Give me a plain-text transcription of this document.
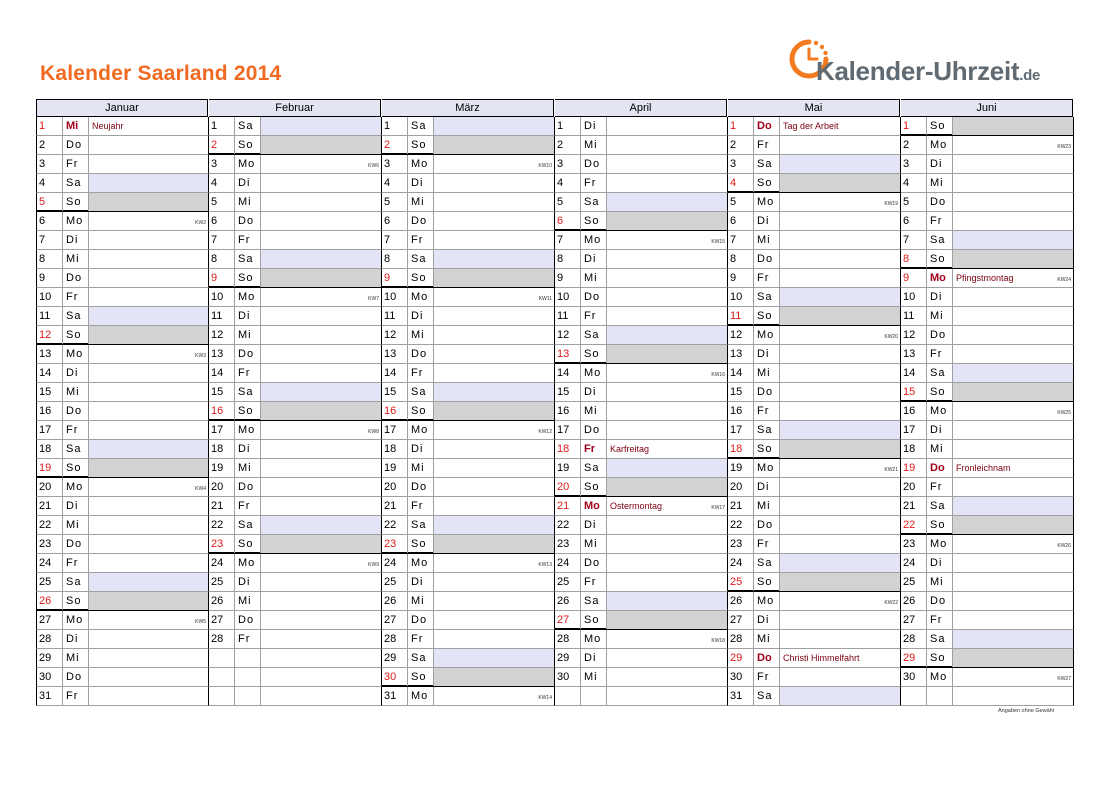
Kalender Saarland 2014	Kalender-Uhrzeit.de
Januar
1	Mi	Neujahr
2	Do
3	Fr
4	Sa
5	So
6	Mo	KW2
7	Di
8	Mi
9	Do
10	Fr
11	Sa
12	So
13	Mo	KW3
14	Di
15	Mi
16	Do
17	Fr
18	Sa
19	So
20	Mo	KW4
21	Di
22	Mi
23	Do
24	Fr
25	Sa
26	So
27	Mo	KW5
28	Di
29	Mi
30	Do
31	Fr
Februar
1	Sa
2	So
3	Mo	KW6
4	Di
5	Mi
6	Do
7	Fr
8	Sa
9	So
10	Mo	KW7
11	Di
12	Mi
13	Do
14	Fr
15	Sa
16	So
17	Mo	KW8
18	Di
19	Mi
20	Do
21	Fr
22	Sa
23	So
24	Mo	KW9
25	Di
26	Mi
27	Do
28	Fr
März
1	Sa
2	So
3	Mo	KW10
4	Di
5	Mi
6	Do
7	Fr
8	Sa
9	So
10	Mo	KW11
11	Di
12	Mi
13	Do
14	Fr
15	Sa
16	So
17	Mo	KW12
18	Di
19	Mi
20	Do
21	Fr
22	Sa
23	So
24	Mo	KW13
25	Di
26	Mi
27	Do
28	Fr
29	Sa
30	So
31	Mo	KW14
April
1	Di
2	Mi
3	Do
4	Fr
5	Sa
6	So
7	Mo	KW15
8	Di
9	Mi
10	Do
11	Fr
12	Sa
13	So
14	Mo	KW16
15	Di
16	Mi
17	Do
18	Fr	Karfreitag
19	Sa
20	So
21	Mo	Ostermontag	KW17
22	Di
23	Mi
24	Do
25	Fr
26	Sa
27	So
28	Mo	KW18
29	Di
30	Mi
Mai
1	Do	Tag der Arbeit
2	Fr
3	Sa
4	So
5	Mo	KW19
6	Di
7	Mi
8	Do
9	Fr
10	Sa
11	So
12	Mo	KW20
13	Di
14	Mi
15	Do
16	Fr
17	Sa
18	So
19	Mo	KW21
20	Di
21	Mi
22	Do
23	Fr
24	Sa
25	So
26	Mo	KW22
27	Di
28	Mi
29	Do	Christi Himmelfahrt
30	Fr
31	Sa
Juni
1	So
2	Mo	KW23
3	Di
4	Mi
5	Do
6	Fr
7	Sa
8	So
9	Mo	Pfingstmontag	KW24
10	Di
11	Mi
12	Do
13	Fr
14	Sa
15	So
16	Mo	KW25
17	Di
18	Mi
19	Do	Fronleichnam
20	Fr
21	Sa
22	So
23	Mo	KW26
24	Di
25	Mi
26	Do
27	Fr
28	Sa
29	So
30	Mo	KW27
Angaben ohne Gewähr
